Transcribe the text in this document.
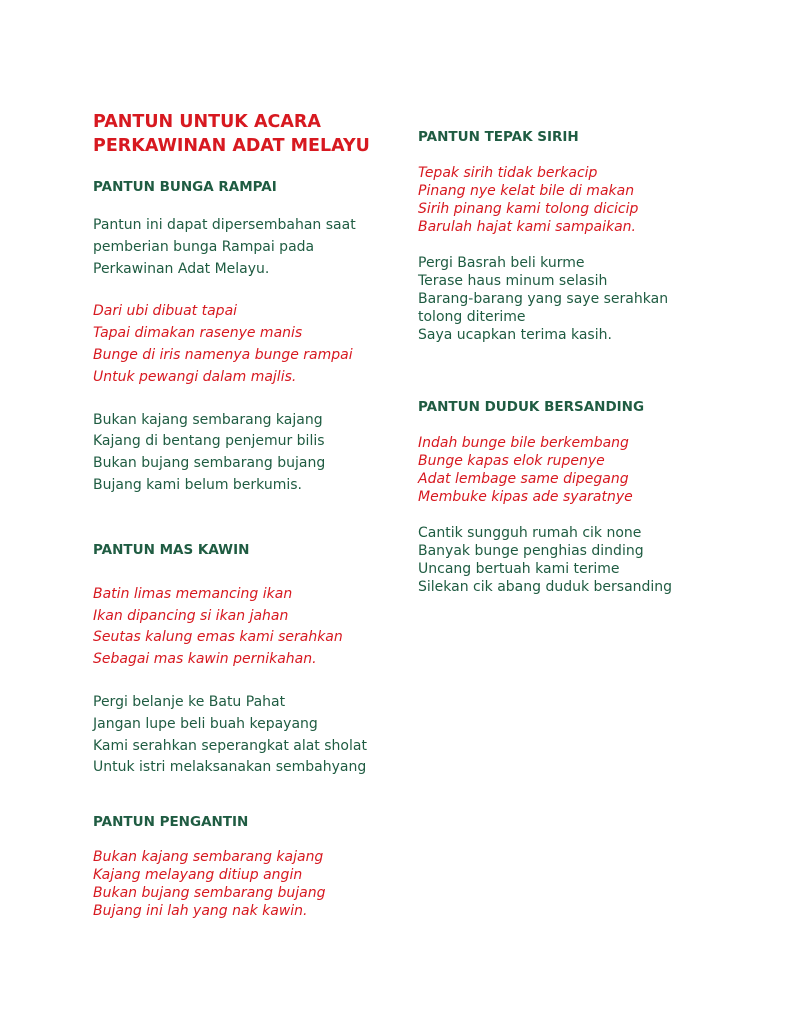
PANTUN UNTUK ACARA
PERKAWINAN ADAT MELAYU
PANTUN BUNGA RAMPAI
Pantun ini dapat dipersembahan saat
pemberian bunga Rampai pada
Perkawinan Adat Melayu.
Dari ubi dibuat tapai
Tapai dimakan rasenye manis
Bunge di iris namenya bunge rampai
Untuk pewangi dalam majlis.
Bukan kajang sembarang kajang
Kajang di bentang penjemur bilis
Bukan bujang sembarang bujang
Bujang kami belum berkumis.
PANTUN MAS KAWIN
Batin limas memancing ikan
Ikan dipancing si ikan jahan
Seutas kalung emas kami serahkan
Sebagai mas kawin pernikahan.
Pergi belanje ke Batu Pahat
Jangan lupe beli buah kepayang
Kami serahkan seperangkat alat sholat
Untuk istri melaksanakan sembahyang
PANTUN PENGANTIN
Bukan kajang sembarang kajang
Kajang melayang ditiup angin
Bukan bujang sembarang bujang
Bujang ini lah yang nak kawin.
PANTUN TEPAK SIRIH
Tepak sirih tidak berkacip
Pinang nye kelat bile di makan
Sirih pinang kami tolong dicicip
Barulah hajat kami sampaikan.
Pergi Basrah beli kurme
Terase haus minum selasih
Barang-barang yang saye serahkan
tolong diterime
Saya ucapkan terima kasih.
PANTUN DUDUK BERSANDING
Indah bunge bile berkembang
Bunge kapas elok rupenye
Adat lembage same dipegang
Membuke kipas ade syaratnye
Cantik sungguh rumah cik none
Banyak bunge penghias dinding
Uncang bertuah kami terime
Silekan cik abang duduk bersanding
